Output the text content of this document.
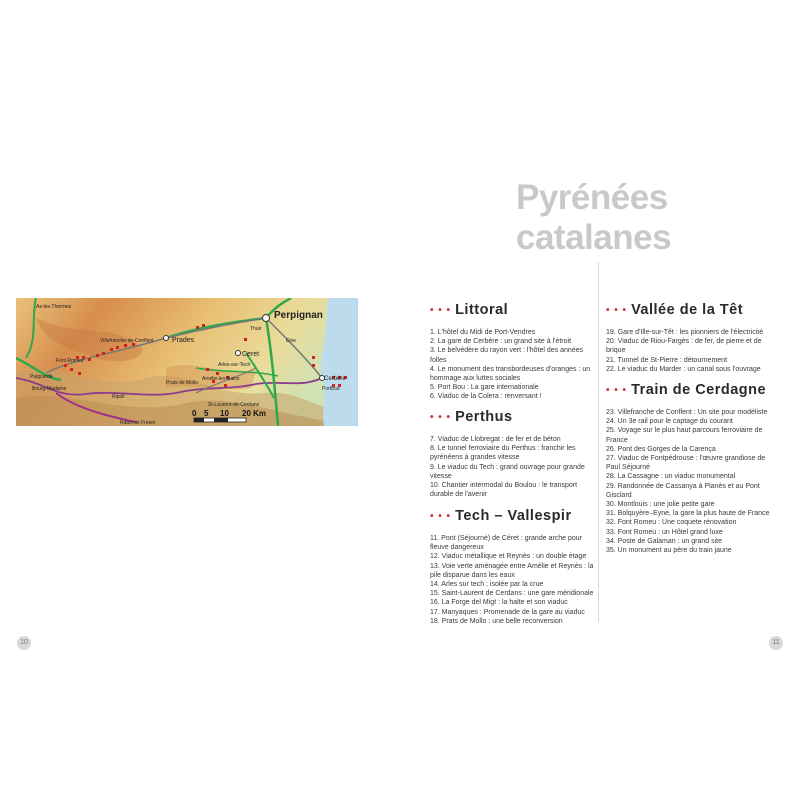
Perpignan
Prades
Ceret
Thuir
Elne
Cerbère
Portbou
Villefranche-de-Conflent
Font Romeu
Puigcerdà
Arles-sur-Tech
Amélie-les-Bains
Prats de Mollo
St-Laurent-de-Cerdans
Ripoll
Ribes de Freser
Ax-les-Thermes
Bourg-Madame
0 5 10 20 Km
Pyrénées
catalanes
• • • Littoral
1. L'hôtel du Midi de Port-Vendres
2. La gare de Cerbère : un grand site à l'étroit
3. Le belvédère du rayon vert : l'hôtel des années
folles
4. Le monument des transbordeuses d'oranges : un
hommage aux luttes sociales
5. Port Bou : La gare internationale
6. Viaduc de la Colera : renversant !
• • • Perthus
7. Viaduc de Llobregat : de fer et de béton
8. Le tunnel ferroviaire du Perthus : franchir les
pyrénéens à grandes vitesse
9. Le viaduc du Tech : grand ouvrage pour grande
vitesse
10. Chantier intermodal du Boulou : le transport
durable de l'avenir
• • • Tech – Vallespir
11. Pont (Séjourné) de Céret : grande arche pour
fleuve dangereux
12. Viaduc métallique et Reynès : un double étage
13. Voie verte aménagée entre Amélie et Reynès : la
pile disparue dans les eaux
14. Arles sur tech : isolée par la crue
15. Saint-Laurent de Cerdans : une gare méridionale
16. La Forge del Migt : la halte et son viaduc
17. Manyaques : Promenade de la gare au viaduc
18. Prats de Mollo : une belle reconversion
• • • Vallée de la Têt
19. Gare d'Ille-sur-Têt : les pionniers de l'électricité
20. Viaduc de Riou-Fargès : de fer, de pierre et de
brique
21. Tunnel de St-Pierre : détournement
22. Le viaduc du Marder : un canal sous l'ouvrage
• • • Train de Cerdagne
23. Villefranche de Conflent : Un site pour modéliste
24. Un 3e rail pour le captage du courant
25. Voyage sur le plus haut parcours ferroviaire de
France
26. Pont des Gorges de la Carença
27. Viaduc de Fontpédrouse : l'œuvre grandiose de
Paul Séjourné
28. La Cassagne : un viaduc monumental
29. Randonnée de Cassanya à Planès et au Pont
Gisclard
30. Montlouis : une jolie petite gare
31. Bolquyère–Eyne, la gare la plus haute de France
32. Font Romeu : Une coquete rénovation
33. Font Romeu : un Hôtel grand luxe
34. Poste de Galaman : un grand site
35. Un monument au père du train jaune
10	11
